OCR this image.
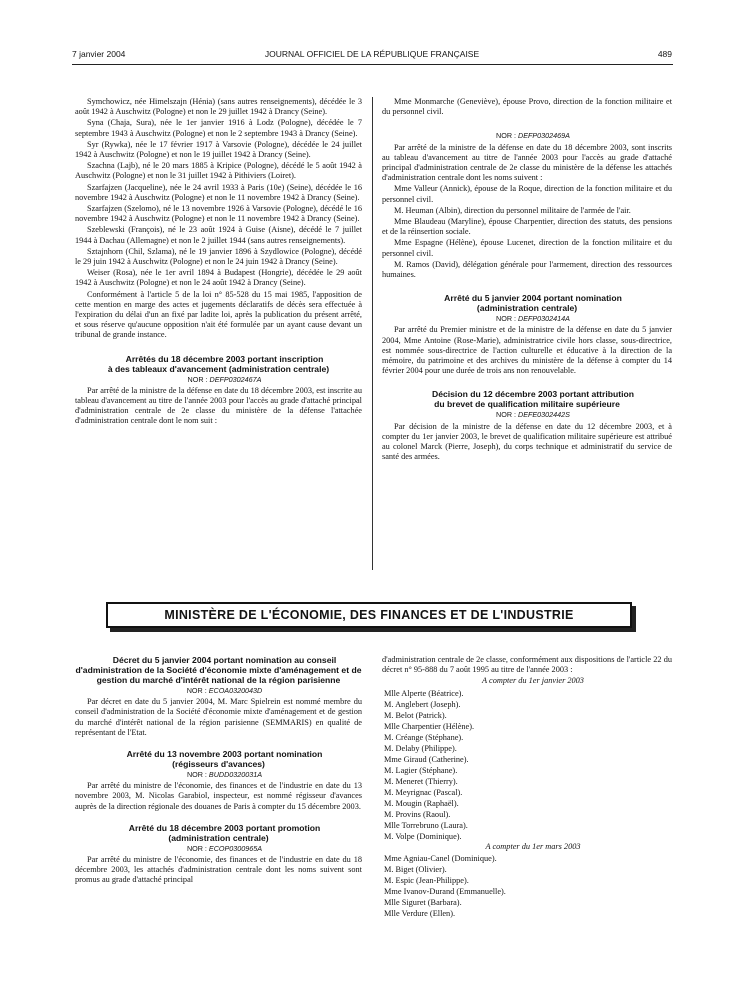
7 janvier 2004	JOURNAL OFFICIEL DE LA RÉPUBLIQUE FRANÇAISE	489

Symchowicz, née Himelszajn (Hénia) (sans autres renseignements), décédée le 3 août 1942 à Auschwitz (Pologne) et non le 29 juillet 1942 à Drancy (Seine).

Syna (Chaja, Sura), née le 1er janvier 1916 à Lodz (Pologne), décédée le 7 septembre 1943 à Auschwitz (Pologne) et non le 2 septembre 1943 à Drancy (Seine).

Syr (Rywka), née le 17 février 1917 à Varsovie (Pologne), décédée le 24 juillet 1942 à Auschwitz (Pologne) et non le 19 juillet 1942 à Drancy (Seine).

Szachna (Lajb), né le 20 mars 1885 à Kripice (Pologne), décédé le 5 août 1942 à Auschwitz (Pologne) et non le 31 juillet 1942 à Pithiviers (Loiret).

Szarfajzen (Jacqueline), née le 24 avril 1933 à Paris (10e) (Seine), décédée le 16 novembre 1942 à Auschwitz (Pologne) et non le 11 novembre 1942 à Drancy (Seine).

Szarfajzen (Szelomo), né le 13 novembre 1926 à Varsovie (Pologne), décédé le 16 novembre 1942 à Auschwitz (Pologne) et non le 11 novembre 1942 à Drancy (Seine).

Szeblewski (François), né le 23 août 1924 à Guise (Aisne), décédé le 7 juillet 1944 à Dachau (Allemagne) et non le 2 juillet 1944 (sans autres renseignements).

Sztajnhorn (Chil, Szlama), né le 19 janvier 1896 à Szydlowice (Pologne), décédé le 29 juin 1942 à Auschwitz (Pologne) et non le 24 juin 1942 à Drancy (Seine).

Weiser (Rosa), née le 1er avril 1894 à Budapest (Hongrie), décédée le 29 août 1942 à Auschwitz (Pologne) et non le 24 août 1942 à Drancy (Seine).

Conformément à l'article 5 de la loi n° 85-528 du 15 mai 1985, l'apposition de cette mention en marge des actes et jugements déclaratifs de décès sera effectuée à l'expiration du délai d'un an fixé par ladite loi, après la publication du présent arrêté, et sous réserve qu'aucune opposition n'ait été formulée par un ayant cause devant un tribunal de grande instance.

Arrêtés du 18 décembre 2003 portant inscription
à des tableaux d'avancement (administration centrale)

NOR : DEFP0302467A

Par arrêté de la ministre de la défense en date du 18 décembre 2003, est inscrite au tableau d'avancement au titre de l'année 2003 pour l'accès au grade d'attaché principal d'administration centrale de 2e classe du ministère de la défense l'attachée d'administration centrale dont le nom suit :

Mme Monmarche (Geneviève), épouse Provo, direction de la fonction militaire et du personnel civil.

NOR : DEFP0302469A

Par arrêté de la ministre de la défense en date du 18 décembre 2003, sont inscrits au tableau d'avancement au titre de l'année 2003 pour l'accès au grade d'attaché principal d'administration centrale de 2e classe du ministère de la défense les attachés d'administration centrale dont les noms suivent :

Mme Valleur (Annick), épouse de la Roque, direction de la fonction militaire et du personnel civil.

M. Heuman (Albin), direction du personnel militaire de l'armée de l'air.

Mme Blaudeau (Maryline), épouse Charpentier, direction des statuts, des pensions et de la réinsertion sociale.

Mme Espagne (Hélène), épouse Lucenet, direction de la fonction militaire et du personnel civil.

M. Ramos (David), délégation générale pour l'armement, direction des ressources humaines.

Arrêté du 5 janvier 2004 portant nomination
(administration centrale)

NOR : DEFP0302414A

Par arrêté du Premier ministre et de la ministre de la défense en date du 5 janvier 2004, Mme Antoine (Rose-Marie), administratrice civile hors classe, sous-directrice, est nommée sous-directrice de l'action culturelle et éducative à la direction de la mémoire, du patrimoine et des archives du ministère de la défense à compter du 14 février 2004 pour une durée de trois ans non renouvelable.

Décision du 12 décembre 2003 portant attribution
du brevet de qualification militaire supérieure

NOR : DEFE0302442S

Par décision de la ministre de la défense en date du 12 décembre 2003, et à compter du 1er janvier 2003, le brevet de qualification militaire supérieure est attribué au colonel Marck (Pierre, Joseph), du corps technique et administratif du service de santé des armées.

MINISTÈRE DE L'ÉCONOMIE, DES FINANCES ET DE L'INDUSTRIE

Décret du 5 janvier 2004 portant nomination au conseil d'administration de la Société d'économie mixte d'aménagement et de gestion du marché d'intérêt national de la région parisienne

NOR : ECOA0320043D

Par décret en date du 5 janvier 2004, M. Marc Spielrein est nommé membre du conseil d'administration de la Société d'économie mixte d'aménagement et de gestion du marché d'intérêt national de la région parisienne (SEMMARIS) en qualité de représentant de l'Etat.

Arrêté du 13 novembre 2003 portant nomination
(régisseurs d'avances)

NOR : BUDD0320031A

Par arrêté du ministre de l'économie, des finances et de l'industrie en date du 13 novembre 2003, M. Nicolas Garabiol, inspecteur, est nommé régisseur d'avances auprès de la direction régionale des douanes de Paris à compter du 15 décembre 2003.

Arrêté du 18 décembre 2003 portant promotion
(administration centrale)

NOR : ECOP0300965A

Par arrêté du ministre de l'économie, des finances et de l'industrie en date du 18 décembre 2003, les attachés d'administration centrale dont les noms suivent sont promus au grade d'attaché principal

d'administration centrale de 2e classe, conformément aux dispositions de l'article 22 du décret n° 95-888 du 7 août 1995 au titre de l'année 2003 :

A compter du 1er janvier 2003

Mlle Alperte (Béatrice).
M. Anglebert (Joseph).
M. Belot (Patrick).
Mlle Charpentier (Hélène).
M. Créange (Stéphane).
M. Delaby (Philippe).
Mme Giraud (Catherine).
M. Lagier (Stéphane).
M. Meneret (Thierry).
M. Meyrignac (Pascal).
M. Mougin (Raphaël).
M. Provins (Raoul).
Mlle Torrebruno (Laura).
M. Volpe (Dominique).

A compter du 1er mars 2003

Mme Agniau-Canel (Dominique).
M. Biget (Olivier).
M. Espic (Jean-Philippe).
Mme Ivanov-Durand (Emmanuelle).
Mlle Siguret (Barbara).
Mlle Verdure (Ellen).
